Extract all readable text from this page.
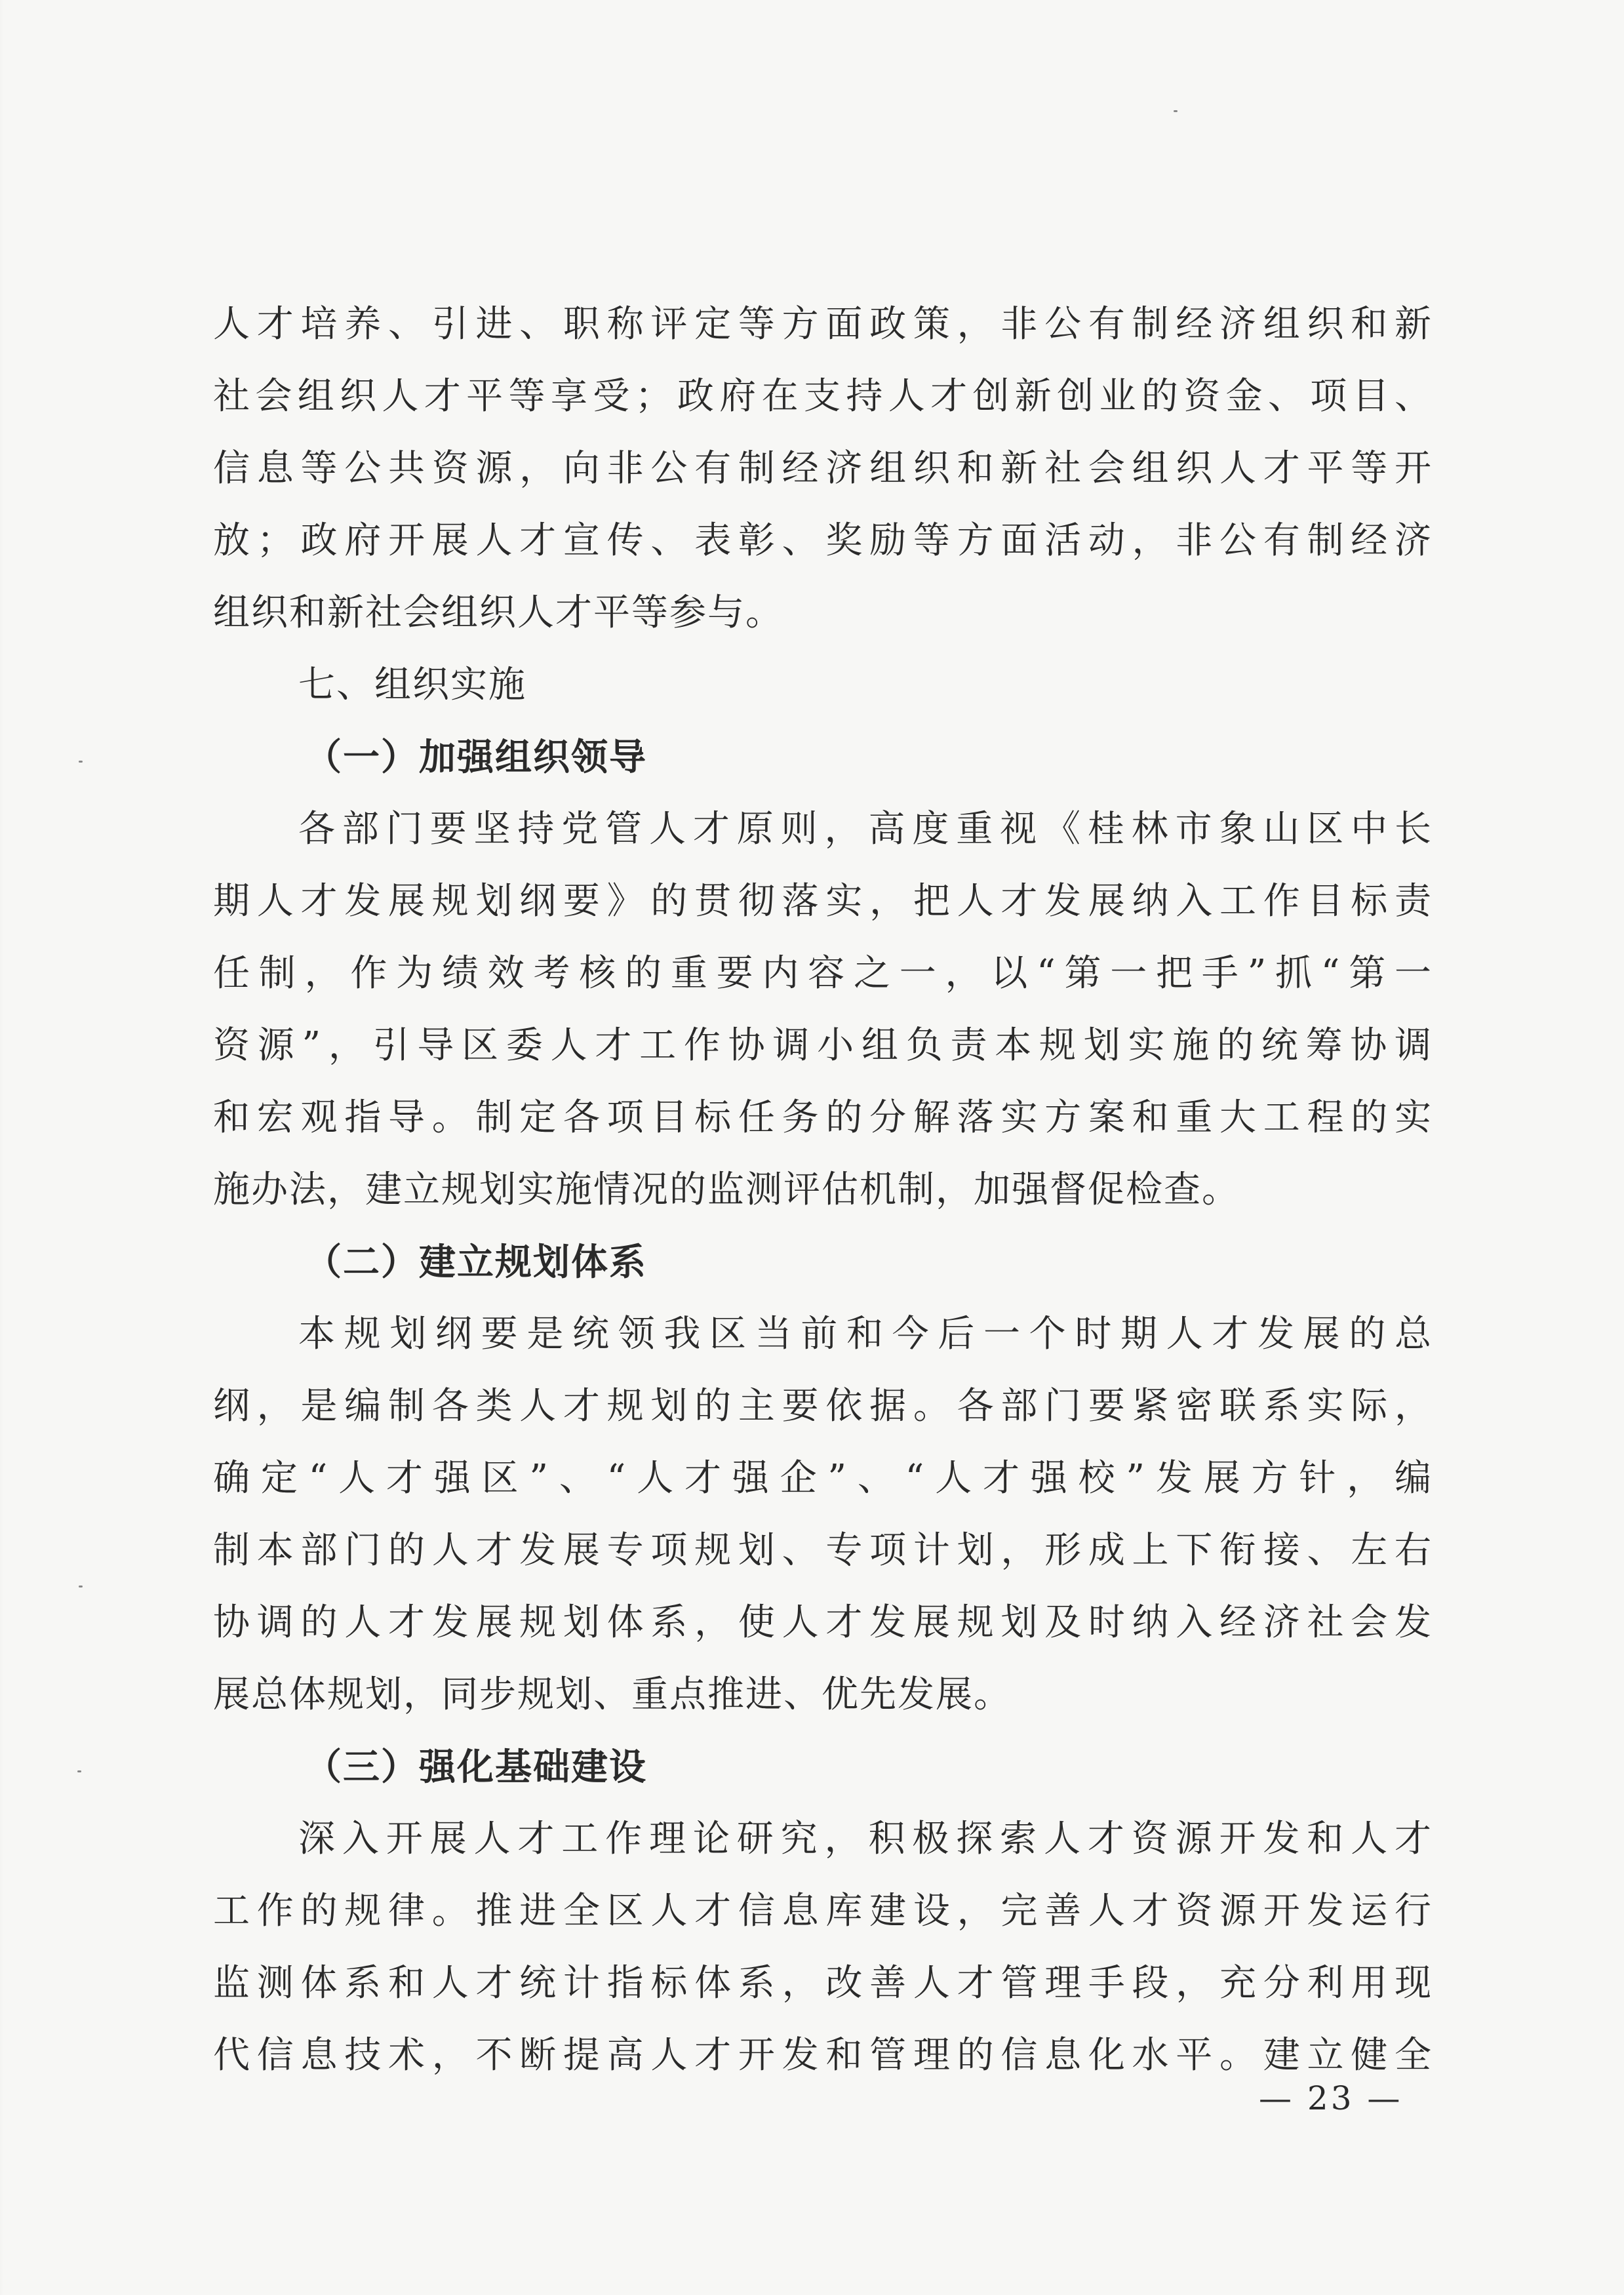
人才培养、引进、职称评定等方面政策，非公有制经济组织和新
社会组织人才平等享受；政府在支持人才创新创业的资金、项目、
信息等公共资源，向非公有制经济组织和新社会组织人才平等开
放；政府开展人才宣传、表彰、奖励等方面活动，非公有制经济
组织和新社会组织人才平等参与。
七、组织实施
（一）加强组织领导
各部门要坚持党管人才原则，高度重视《桂林市象山区中长
期人才发展规划纲要》的贯彻落实，把人才发展纳入工作目标责
任制，作为绩效考核的重要内容之一，以“第一把手”抓“第一
资源”，引导区委人才工作协调小组负责本规划实施的统筹协调
和宏观指导。制定各项目标任务的分解落实方案和重大工程的实
施办法，建立规划实施情况的监测评估机制，加强督促检查。
（二）建立规划体系
本规划纲要是统领我区当前和今后一个时期人才发展的总
纲，是编制各类人才规划的主要依据。各部门要紧密联系实际，
确定“人才强区”、“人才强企”、“人才强校”发展方针，编
制本部门的人才发展专项规划、专项计划，形成上下衔接、左右
协调的人才发展规划体系，使人才发展规划及时纳入经济社会发
展总体规划，同步规划、重点推进、优先发展。
（三）强化基础建设
深入开展人才工作理论研究，积极探索人才资源开发和人才
工作的规律。推进全区人才信息库建设，完善人才资源开发运行
监测体系和人才统计指标体系，改善人才管理手段，充分利用现
代信息技术，不断提高人才开发和管理的信息化水平。建立健全
— 23 —
